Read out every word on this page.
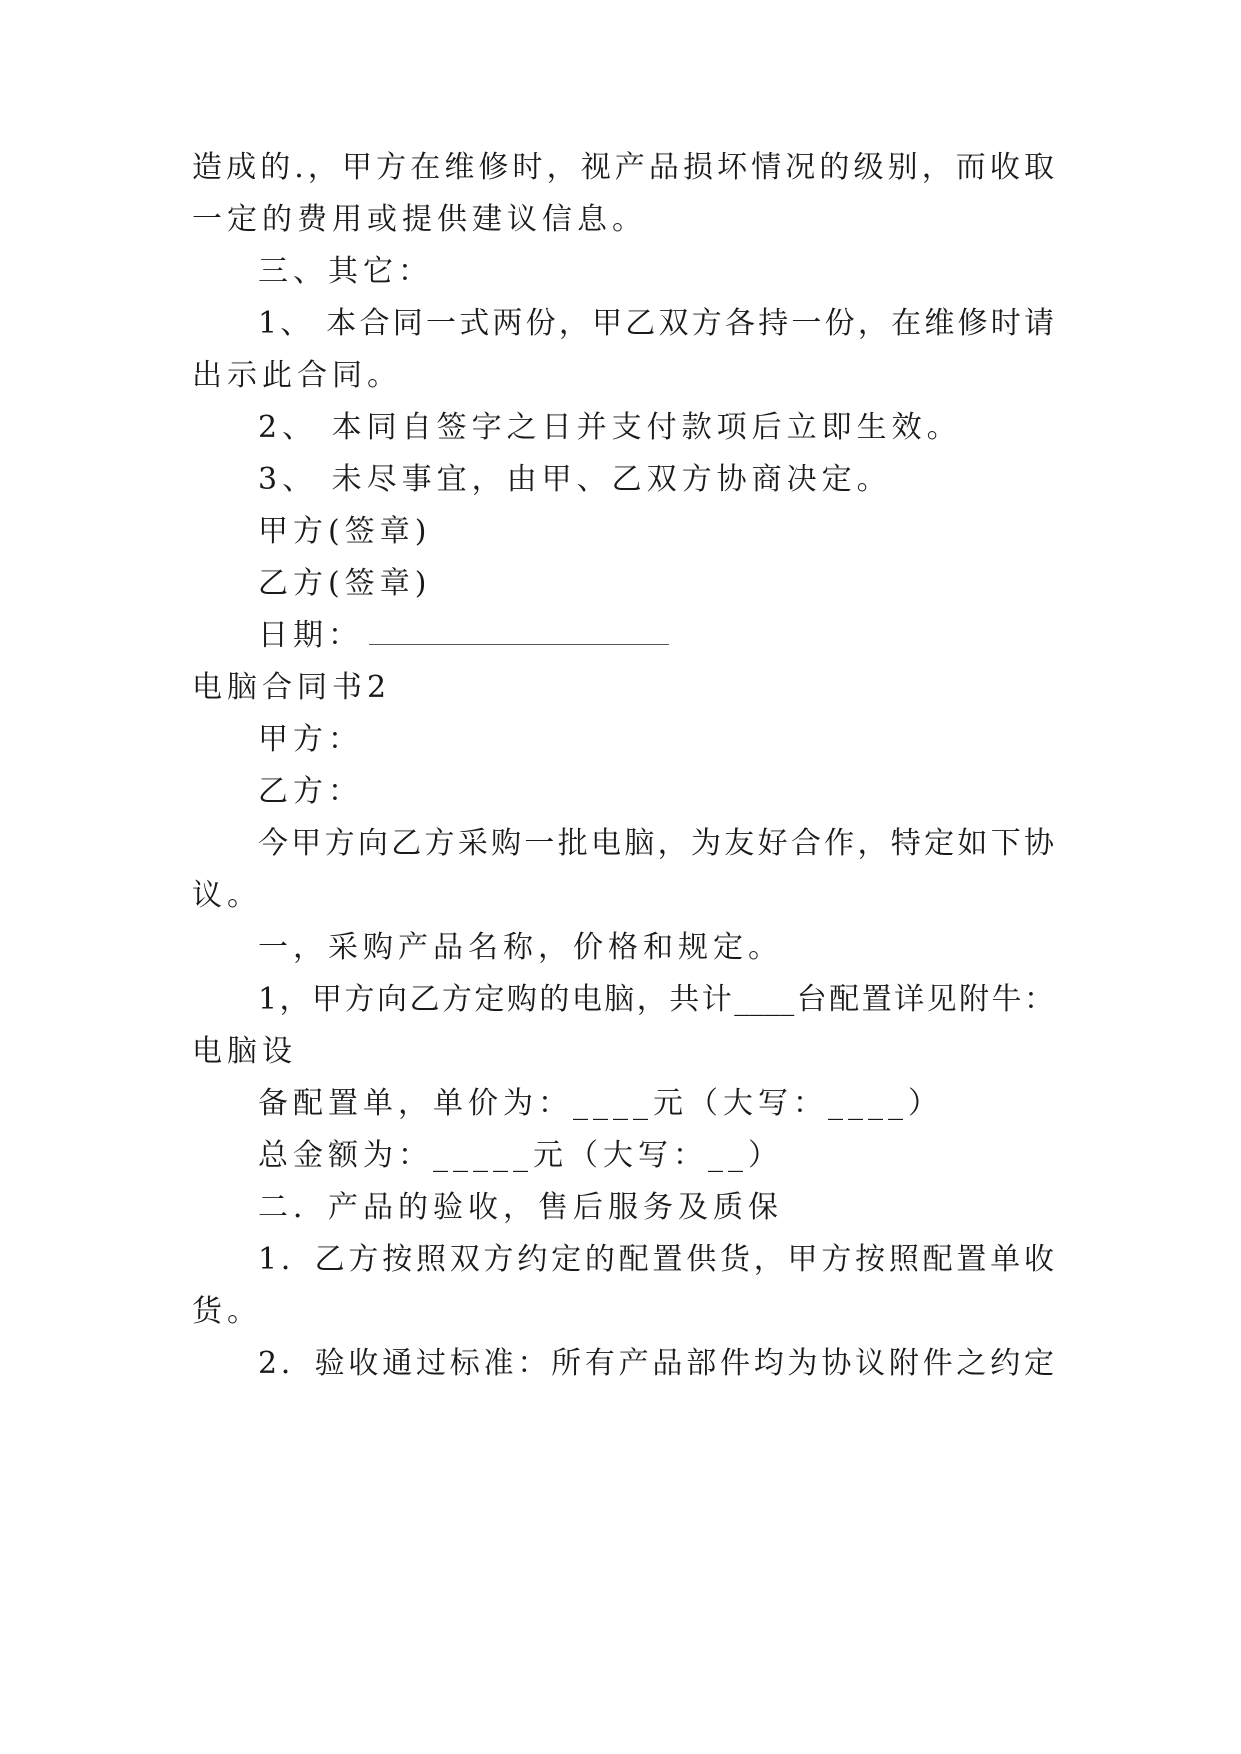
造成的.，甲方在维修时，视产品损坏情况的级别，而收取
一定的费用或提供建议信息。
三、其它：
1、 本合同一式两份，甲乙双方各持一份，在维修时请
出示此合同。
2、 本同自签字之日并支付款项后立即生效。
3、 未尽事宜，由甲、乙双方协商决定。
甲方(签章)
乙方(签章)
日期：
电脑合同书2
甲方：
乙方：
今甲方向乙方采购一批电脑，为友好合作，特定如下协
议。
一，采购产品名称，价格和规定。
1，甲方向乙方定购的电脑，共计____台配置详见附牛：
电脑设
备配置单，单价为：____元（大写：____）
总金额为：_____元（大写：__）
二．产品的验收，售后服务及质保
1．乙方按照双方约定的配置供货，甲方按照配置单收
货。
2．验收通过标准：所有产品部件均为协议附件之约定
